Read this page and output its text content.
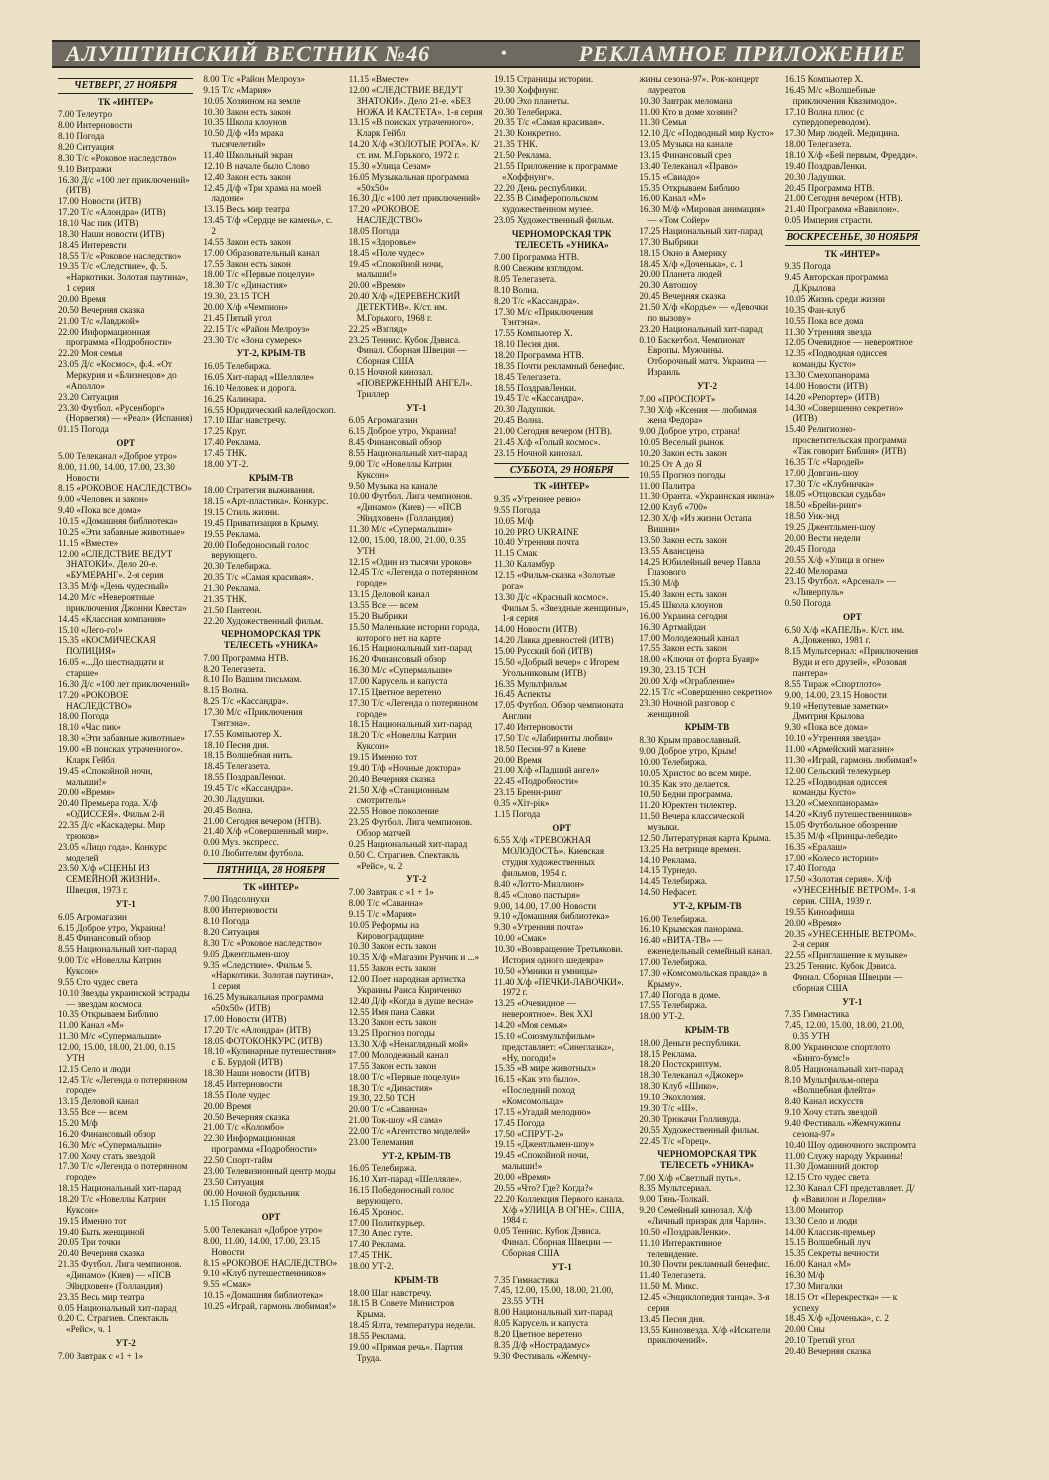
АЛУШТИНСКИЙ ВЕСТНИК №46	•	РЕКЛАМНОЕ ПРИЛОЖЕНИЕ
ЧЕТВЕРГ, 27 НОЯБРЯ
ТК «ИНТЕР»
7.00 Телеутро
8.00 Интерновости
8.10 Погода
8.20 Ситуация
8.30 Т/с «Роковое наследство»
9.10 Витражи
16.30 Д/с «100 лет приключений» (ИТВ)
17.00 Новости (ИТВ)
17.20 Т/с «Алондра» (ИТВ)
18.10 Час пик (ИТВ)
18.30 Наши новости (ИТВ)
18.45 Интеревсти
18.55 Т/с «Роковое наследство»
19.35 Т/с «Следствие», ф. 5. «Наркотики. Золотая паутина», 1 серия
20.00 Время
20.50 Вечерняя сказка
21.00 Т/с «Лавджой»
22.00 Информационная программа «Подробности»
22.20 Моя семья
23.05 Д/с «Космос», ф.4. «От Меркурия и «Близнецов» до «Аполло»
23.20 Ситуация
23.30 Футбол. «Русенборг» (Норвегия) — «Реал» (Испания)
01.15 Погода
ОРТ
5.00 Телеканал «Доброе утро»
8.00, 11.00, 14.00, 17.00, 23.30 Новости
8.15 «РОКОВОЕ НАСЛЕДСТВО»
9.00 «Человек и закон»
9.40 «Пока все дома»
10.15 «Домашняя библиотека»
10.25 «Эти забавные животные»
11.15 «Вместе»
12.00 «СЛЕДСТВИЕ ВЕДУТ ЗНАТОКИ». Дело 20-е. «БУМЕРАНГ». 2-я серия
13.35 М/ф «День чудесный»
14.20 М/с «Невероятные приключения Джонни Квеста»
14.45 «Классная компания»
15.10 «Лего-го!»
15.35 «КОСМИЧЕСКАЯ ПОЛИЦИЯ»
16.05 «...До шестнадцати и старше»
16.30 Д/с «100 лет приключений»
17.20 «РОКОВОЕ НАСЛЕДСТВО»
18.00 Погода
18.10 «Час пик»
18.30 «Эти забавные животные»
19.00 «В поисках утраченного». Кларк Гейбл
19.45 «Спокойной ночи, малыши!»
20.00 «Время»
20.40 Премьера года. Х/ф «ОДИССЕЯ». Фильм 2-й
22.35 Д/с «Каскадеры. Мир трюков»
23.05 «Лицо года». Конкурс моделей
23.50 Х/ф «СЦЕНЫ ИЗ СЕМЕЙНОЙ ЖИЗНИ». Швеция, 1973 г.
УТ-1
6.05 Агромагазин
6.15 Доброе утро, Украина!
8.45 Финансовый обзор
8.55 Национальный хит-парад
9.00 Т/с «Новеллы Катрин Куксон»
9.55 Сто чудес света
10.10 Звезды украинской эстрады — звездам космоса
10.35 Открываем Библию
11.00 Канал «М»
11.30 М/с «Супермальши»
12.00, 15.00, 18.00, 21.00, 0.15 УТН
12.15 Село и люди
12.45 Т/с «Легенда о потерянном городе»
13.15 Деловой канал
13.55 Все — всем
15.20 М/ф
16.20 Финансовый обзор
16.30 М/с «Супермальши»
17.00 Хочу стать звездой
17.30 Т/с «Легенда о потерянном городе»
18.15 Национальный хит-парад
18.20 Т/с «Новеллы Катрин Куксон»
19.15 Именно тот
19.40 Быть женщиной
20.05 Три точки
20.40 Вечерняя сказка
21.35 Футбол. Лига чемпионов. «Динамо» (Киев) — «ПСВ Эйндховен» (Голландия)
23.35 Весь мир театра
0.05 Национальный хит-парад
0.20 С. Страгиев. Спектакль «Рейс», ч. 1
УТ-2
7.00 Завтрак с «1 + 1»
8.00 Т/с «Район Мелроуз»
9.15 Т/с «Мария»
10.05 Хозяином на земле
10.30 Закон есть закон
10.35 Школа клоунов
10.50 Д/ф «Из мрака тысячелетий»
11.40 Школьный экран
12.10 В начале было Слово
12.40 Закон есть закон
12.45 Д/ф «Три храма на моей ладони»
13.15 Весь мир театра
13.45 Т/ф «Сердце не камень», с. 2
14.55 Закон есть закон
17.00 Образовательный канал
17.55 Закон есть закон
18.00 Т/с «Первые поцелуи»
18.30 Т/с «Династия»
19.30, 23.15 ТСН
20.00 Х/ф «Чемпион»
21.45 Пятый угол
22.15 Т/с «Район Мелроуз»
23.30 Т/с «Зона сумерек»
УТ-2, КРЫМ-ТВ
16.05 Телебиржа.
16.05 Хит-парад «Шелляле»
16.10 Человек и дорога.
16.25 Калинара.
16.55 Юридический калейдоскоп.
17.10 Шаг навстречу.
17.25 Круг.
17.40 Реклама.
17.45 ТНК.
18.00 УТ-2.
КРЫМ-ТВ
18.00 Стратегия выживания.
18.15 «Арт-пластика». Конкурс.
19.15 Стиль жизни.
19.45 Приватизация в Крыму.
19.55 Реклама.
20.00 Победоносный голос верующего.
20.30 Телебиржа.
20.35 Т/с «Самая красивая».
21.30 Реклама.
21.35 ТНК.
21.50 Пантеон.
22.20 Художественный фильм.
ЧЕРНОМОРСКАЯ ТРК ТЕЛЕСЕТЬ «УНИКА»
7.00 Программа НТВ.
8.20 Телегазета.
8.10 По Вашим письмам.
8.15 Волна.
8.25 Т/с «Кассандра».
17.30 М/с «Приключения Тэнтэна».
17.55 Компьютер Х.
18.10 Песня дня.
18.15 Волшебная нить.
18.45 Телегазета.
18.55 ПоздравЛенки.
19.45 Т/с «Кассандра».
20.30 Ладушки.
20.45 Волна.
21.00 Сегодня вечером (НТВ).
21.40 Х/ф «Совершенный мир».
0.00 Муз. экспресс.
0.10 Любителям футбола.
ПЯТНИЦА, 28 НОЯБРЯ
ТК «ИНТЕР»
7.00 Подсолнухи
8.00 Интерновости
8.10 Погода
8.20 Ситуация
8.30 Т/с «Роковое наследство»
9.05 Джентльмен-шоу
9.35 «Следствие». Фильм 5. «Наркотики. Золотая паутина», 1 серия
16.25 Музыкальная программа «50х50» (ИТВ)
17.00 Новости (ИТВ)
17.20 Т/с «Алондра» (ИТВ)
18.05 ФОТОКОНКУРС (ИТВ)
18.10 «Кулинарные путешествия» с Б. Бурдой (ИТВ)
18.30 Наши новости (ИТВ)
18.45 Интерновости
18.55 Поле чудес
20.00 Время
20.50 Вечерняя сказка
21.00 Т/с «Коломбо»
22.30 Информационная программа «Подробности»
22.50 Спорт-тайм
23.00 Телевизионный центр моды
23.50 Ситуация
00.00 Ночной будильник
1.15 Погода
ОРТ
5.00 Телеканал «Доброе утро»
8.00, 11.00, 14.00, 17.00, 23.15 Новости
8.15 «РОКОВОЕ НАСЛЕДСТВО»
9.10 «Клуб путешественников»
9.55 «Смак»
10.15 «Домашняя библиотека»
10.25 «Играй, гармонь любимая!»
11.15 «Вместе»
12.00 «СЛЕДСТВИЕ ВЕДУТ ЗНАТОКИ». Дело 21-е. «БЕЗ НОЖА И КАСТЕТА». 1-я серия
13.15 «В поисках утраченного». Кларк Гейбл
14.20 Х/ф «ЗОЛОТЫЕ РОГА». К/ст. им. М.Горького, 1972 г.
15.30 «Улица Сезам»
16.05 Музыкальная программа «50х50»
16.30 Д/с «100 лет приключений»
17.20 «РОКОВОЕ НАСЛЕДСТВО»
18.05 Погода
18.15 «Здоровье»
18.45 «Поле чудес»
19.45 «Спокойной ночи, малыши!»
20.00 «Время»
20.40 Х/ф «ДЕРЕВЕНСКИЙ ДЕТЕКТИВ». К/ст. им. М.Горького, 1968 г.
22.25 «Взгляд»
23.25 Теннис. Кубок Дэвиса. Финал. Сборная Швеции — Сборная США
0.15 Ночной кинозал. «ПОВЕРЖЕННЫЙ АНГЕЛ». Триллер
УТ-1
6.05 Агромагазин
6.15 Доброе утро, Украина!
8.45 Финансовый обзор
8.55 Национальный хит-парад
9.00 Т/с «Новеллы Катрин Куксон»
9.50 Музыка на канале
10.00 Футбол. Лига чемпионов. «Динамо» (Киев) — «ПСВ Эйндховен» (Голландия)
11.30 М/с «Супермальши»
12.00, 15.00, 18.00, 21.00, 0.35 УТН
12.15 «Один из тысячи уроков»
12.45 Т/с «Легенда о потерянном городе»
13.15 Деловой канал
13.55 Все — всем
15.20 Выбрики
15.50 Маленькие истории города, которого нет на карте
16.15 Национальный хит-парад
16.20 Финансовый обзор
16.30 М/с «Супермальши»
17.00 Карусель и капуста
17.15 Цветное веретено
17.30 Т/с «Легенда о потерянном городе»
18.15 Национальный хит-парад
18.20 Т/с «Новеллы Катрин Куксон»
19.15 Именно тот
19.40 Т/ф «Ночные доктора»
20.40 Вечерняя сказка
21.50 Х/ф «Станционным смотритель»
22.55 Новое поколение
23.25 Футбол. Лига чемпионов. Обзор матчей
0.25 Национальный хит-парад
0.50 С. Страгиев. Спектакль «Рейс», ч. 2
УТ-2
7.00 Завтрак с «1 + 1»
8.00 Т/с «Саванна»
9.15 Т/с «Мария»
10.05 Реформы на Кировоградщине
10.30 Закон есть закон
10.35 Х/ф «Магазин Рунчик и ...»
11.55 Закон есть закон
12.00 Поет народная артистка Украины Раиса Кириченко
12.40 Д/ф «Когда в душе весна»
12.55 Имя пана Савки
13.20 Закон есть закон
13.25 Прогноз погоды
13.30 Х/ф «Ненаглядный мой»
17.00 Молодежный канал
17.55 Закон есть закон
18.00 Т/с «Первые поцелуи»
18.30 Т/с «Династия»
19.30, 22.50 ТСН
20.00 Т/с «Саванна»
21.00 Ток-шоу «Я сама»
22.00 Т/с «Агентство моделей»
23.00 Телемания
УТ-2, КРЫМ-ТВ
16.05 Телебиржа.
16.10 Хит-парад «Шелляле».
16.15 Победоносный голос верующего.
16.45 Хронос.
17.00 Политкурьер.
17.30 Апес гуте.
17.40 Реклама.
17.45 ТНК.
18.00 УТ-2.
КРЫМ-ТВ
18.00 Шаг навстречу.
18.15 В Совете Министров Крыма.
18.45 Ялта, температура недели.
18.55 Реклама.
19.00 «Прямая речь». Партия Труда.
19.15 Страницы истории.
19.30 Хоффнунг.
20.00 Эхо планеты.
20.30 Телебиржа.
20.35 Т/с «Самая красивая».
21.30 Конкретно.
21.35 ТНК.
21.50 Реклама.
21.55 Приложение к программе «Хоффнунг».
22.20 День республики.
22.35 В Симферопольском художественном музее.
23.05 Художественный фильм.
ЧЕРНОМОРСКАЯ ТРК ТЕЛЕСЕТЬ «УНИКА»
7.00 Программа НТВ.
8.00 Свежим взглядом.
8.05 Телегазета.
8.10 Волна.
8.20 Т/с «Кассандра».
17.30 М/с «Приключения Тэнтэна».
17.55 Компьютер Х.
18.10 Песня дня.
18.20 Программа НТВ.
18.35 Почти рекламный бенефис.
18.45 Телегазета.
18.55 ПоздравЛенки.
19.45 Т/с «Кассандра».
20.30 Ладушки.
20.45 Волна.
21.00 Сегодня вечером (НТВ).
21.45 Х/ф «Голый космос».
23.15 Ночной кинозал.
СУББОТА, 29 НОЯБРЯ
ТК «ИНТЕР»
9.35 «Утреннее ревю»
9.55 Погода
10.05 М/ф
10.20 PRO UKRAINE
10.40 Утренняя почта
11.15 Смак
11.30 Каламбур
12.15 «Фильм-сказка «Золотые рога»
13.30 Д/с «Красный космос». Фильм 5. «Звездные женщины», 1-я серия
14.00 Новости (ИТВ)
14.20 Лавка древностей (ИТВ)
15.00 Русский бой (ИТВ)
15.50 «Добрый вечер» с Игорем Угольниковым (ИТВ)
16.35 Мультфильм
16.45 Аспекты
17.05 Футбол. Обзор чемпионата Англии
17.40 Интерновости
17.50 Т/с «Лабиринты любви»
18.50 Песня-97 в Киеве
20.00 Время
21.00 Х/ф «Падший ангел»
22.45 «Подробности»
23.15 Бренн-ринг
0.35 «Хіт-рік»
1.15 Погода
ОРТ
6.55 Х/ф «ТРЕВОЖНАЯ МОЛОДОСТЬ». Киевская студия художественных фильмов, 1954 г.
8.40 «Лотто-Миллион»
8.45 «Слово пастыря»
9.00, 14.00, 17.00 Новости
9.10 «Домашняя библиотека»
9.30 «Утренняя почта»
10.00 «Смак»
10.30 «Возвращение Третьякови. История одного шедевра»
10.50 «Умники и умницы»
11.40 Х/ф «ПЕЧКИ-ЛАВОЧКИ». 1972 г.
13.25 «Очевидное — невероятное». Век XXI
14.20 «Моя семья»
15.10 «Союзмультфильм» представляет: «Синеглазка», «Ну, погоди!»
15.35 «В мире животных»
16.15 «Как это было». «Последний поход «Комсомольца»
17.15 «Угадай мелодию»
17.45 Погода
17.50 «СПРУТ-2»
19.15 «Джентльмен-шоу»
19.45 «Спокойной ночи, малыши!»
20.00 «Время»
20.55 «Что? Где? Когда?»
22.20 Коллекция Первого канала. Х/ф «УЛИЦА В ОГНЕ». США, 1984 г.
0.05 Теннис. Кубок Дэвиса. Финал. Сборная Швеции — Сборная США
УТ-1
7.35 Гимнастика
7.45, 12.00, 15.00, 18.00, 21.00, 23.55 УТН
8.00 Национальный хит-парад
8.05 Карусель и капуста
8.20 Цветное веретено
8.35 Д/ф «Нострадамус»
9.30 Фестиваль «Жемчу-
жины сезона-97». Рок-концерт лауреатов
10.30 Завтрак меломана
11.00 Кто в доме хозяин?
11.30 Семья
12.10 Д/с «Подводный мир Кусто»
13.05 Музыка на канале
13.15 Финансовый срез
13.40 Телеканал «Право»
15.15 «Свиадо»
15.35 Открываем Библию
16.00 Канал «М»
16.30 М/ф «Мировая анимация» — «Том Сойер»
17.25 Национальный хит-парад
17.30 Выбрики
18.15 Окно в Америку
18.45 Х/ф «Доченька», с. 1
20.00 Планета людей
20.30 Автошоу
20.45 Вечерняя сказка
21.50 Х/ф «Кордье» — «Девочки по вызову»
23.20 Национальный хит-парад
0.10 Баскетбол. Чемпионат Европы. Мужчины. Отборочный матч. Украина — Израиль
УТ-2
7.00 «ПРОСПОРТ»
7.30 Х/ф «Ксения — любимая жена Федора»
9.00 Доброе утро, страна!
10.05 Веселый рынок
10.20 Закон есть закон
10.25 От А до Я
10.55 Прогноз погоды
11.00 Палитра
11.30 Оранта. «Украинская икона»
12.00 Клуб «700»
12.30 Х/ф «Из жизни Остапа Вишни»
13.50 Закон есть закон
13.55 Авансцена
14.25 Юбилейный вечер Павла Глазового
15.30 М/ф
15.40 Закон есть закон
15.45 Школа клоунов
16.00 Украина сегодня
16.30 Артмайдан
17.00 Молодежный канал
17.55 Закон есть закон
18.00 «Ключи от форта Буаяр»
19.30, 23.15 ТСН
20.00 Х/ф «Ограбление»
22.15 Т/с «Совершенно секретно»
23.30 Ночной разговор с женщиной
КРЫМ-ТВ
8.30 Крым православный.
9.00 Доброе утро, Крым!
10.00 Телебиржа.
10.05 Христос во всем мире.
10.35 Как это делается.
10.50 Бедни программа.
11.20 Юректен тилектер.
11.50 Вечера классической музыки.
12.50 Литературная карта Крыма.
13.25 На ветрище времен.
14.10 Реклама.
14.15 Турнедо.
14.45 Телебиржа.
14.50 Нефасет.
УТ-2, КРЫМ-ТВ
16.00 Телебиржа.
16.10 Крымская панорама.
16.40 «ВИТА-ТВ» — еженедельный семейный канал.
17.00 Телебиржа.
17.30 «Комсомольская правда» в Крыму».
17.40 Погода в доме.
17.55 Телебиржа.
18.00 УТ-2.
КРЫМ-ТВ
18.00 Деньги республики.
18.15 Реклама.
18.20 Постскриптум.
18.30 Телеканал «Джокер»
18.30 Клуб «Шико».
19.10 Экохлозия.
19.30 Т/с «Ш».
20.30 Трюкачи Голливуда.
20.55 Художественный фильм.
22.45 Т/с «Горец».
ЧЕРНОМОРСКАЯ ТРК ТЕЛЕСЕТЬ «УНИКА»
7.00 Х/ф «Светлый путь».
8.35 Мультсериал.
9.00 Тянь-Толкай.
9.20 Семейный кинозал. Х/ф «Личный призрак для Чарли».
10.50 «ПоздравЛенки».
11.10 Интерактивное телевидение.
10.30 Почти рекламный бенефис.
11.40 Телегазета.
11.50 М. Микс.
12.45 «Энциклопедия танца». 3-я серия
13.45 Песня дня.
13.55 Кинозвезда. Х/ф «Искатели приключений».
16.15 Компьютер Х.
16.45 М/с «Волшебные приключения Квазимодо».
17.10 Волна плюс (с супердопереводом).
17.30 Мир людей. Медицина.
18.00 Телегазета.
18.10 Х/ф «Бей первым, Фредди».
19.40 ПоздравЛенки.
20.30 Ладушки.
20.45 Программа НТВ.
21.00 Сегодня вечером (НТВ).
21.40 Программа «Вавилон».
0.05 Империя страсти.
ВОСКРЕСЕНЬЕ, 30 НОЯБРЯ
ТК «ИНТЕР»
9.35 Погода
9.45 Авторская программа Д.Крылова
10.05 Жизнь среди жизни
10.35 Фан-клуб
10.55 Пока все дома
11.30 Утренняя звезда
12.05 Очевидное — невероятное
12.35 «Подводная одиссея команды Кусто»
13.30 Смехопанорама
14.00 Новости (ИТВ)
14.20 «Репортер» (ИТВ)
14.30 «Совершенно секретно» (ИТВ)
15.40 Религиозно-просветительская программа «Так говорит Библия» (ИТВ)
16.35 Т/с «Чародей»
17.00 Довгань-шоу
17.30 Т/с «Клубничка»
18.05 «Отцовская судьба»
18.50 «Брейн-ринг»
18.50 Унк-энд
19.25 Джентльмен-шоу
20.00 Вести недели
20.45 Погода
20.55 Х/ф «Улица в огне»
22.40 Мелорама
23.15 Футбол. «Арсенал» — «Ливерпуль»
0.50 Погода
ОРТ
6.50 Х/ф «КАПЕЛЬ». К/ст. им. А.Довженко, 1981 г.
8.15 Мультсериал: «Приключения Вуди и его друзей», «Розовая пантера»
8.55 Тираж «Спортлото»
9.00, 14.00, 23.15 Новости
9.10 «Непутевые заметки» Дмитрия Крылова
9.30 «Пока все дома»
10.10 «Утренняя звезда»
11.00 «Армейский магазин»
11.30 «Играй, гармонь любимая!»
12.00 Сельский телекурьер
12.25 «Подводная одиссея команды Кусто»
13.20 «Смехопанорама»
14.20 «Клуб путешественников»
15.05 Футбольное обозрение
15.35 М/ф «Принцы-лебеди»
16.35 «Ералаш»
17.00 «Колесо истории»
17.40 Погода
17.50 «Золотая серия». Х/ф «УНЕСЕННЫЕ ВЕТРОМ». 1-я серия. США, 1939 г.
19.55 Киноафиша
20.00 «Время»
20.35 «УНЕСЕННЫЕ ВЕТРОМ». 2-я серия
22.55 «Приглашение к музыке»
23.25 Теннис. Кубок Дэвиса. Финал. Сборная Швеции — сборная США
УТ-1
7.35 Гимнастика
7.45, 12.00, 15.00, 18.00, 21.00, 0.35 УТН
8.00 Украинское спортлото «Бинго-бумс!»
8.05 Национальный хит-парад
8.10 Мультфильм-опера «Волшебная флейта»
8.40 Канал искусств
9.10 Хочу стать звездой
9.40 Фестиваль «Жемчужины сезона-97»
10.40 Шоу одиночного экспромта
11.00 Служу народу Украины!
11.30 Домашний доктор
12.15 Сто чудес света
12.30 Канал CFI представляет. Д/ф «Вавилон и Лорелия»
13.00 Монитор
13.30 Село и люди
14.00 Классик-премьер
15.15 Волшебный луч
15.35 Секреты вечности
16.00 Канал «М»
16.30 М/ф
17.30 Мигалки
18.15 От «Перекрестка» — к успеху
18.45 Х/ф «Доченька», с. 2
20.00 Сны
20.10 Третий угол
20.40 Вечерняя сказка
